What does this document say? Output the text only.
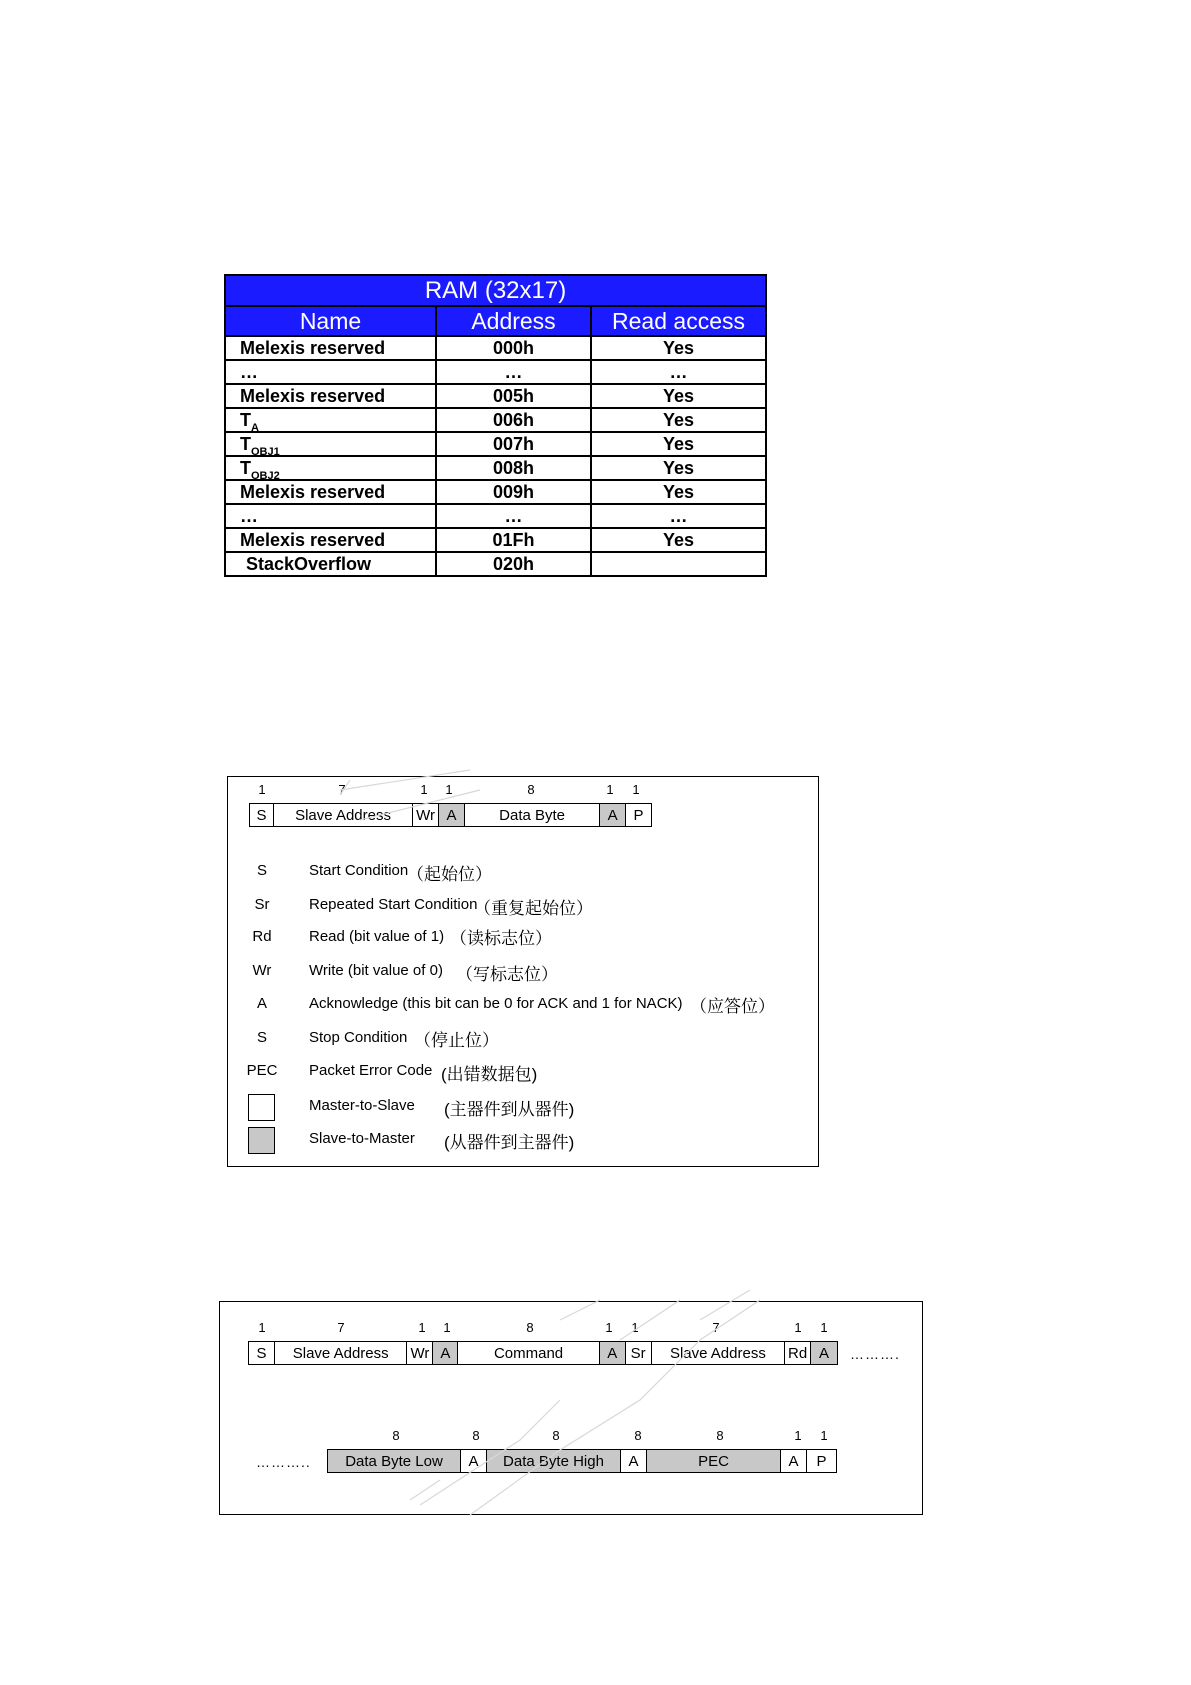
RAM (32x17)		
Name	Address	Read access
Melexis reserved	000h	Yes
…	…	…
Melexis reserved	005h	Yes
$T_A$	006h	Yes
$T_{OBJ1}$	007h	Yes
$T_{OBJ2}$	008h	Yes
Melexis reserved	009h	Yes
…	…	…
Melexis reserved	01Fh	Yes
StackOverflow	020h	
1	7	1	1	8	1	1
S	Slave Address	Wr A	Data Byte	A	P
S	Start Condition
（起始位）
Sr	Repeated Start Condition
（重复起始位）
Rd	Read (bit value of 1) （读标志位）
Wr	Write (bit value of 0) （写标志位）
A	Acknowledge (this bit can be 0 for ACK and 1 for NACK) （应答位）
S	Stop Condition （停止位）
PEC	Packet Error Code (出错数据包)
Master-to-Slave (主器件到从器件)
Slave-to-Master (从器件到主器件)
1	7	1	1	8	1	1	7	1	1
S	Slave Address	Wr A	Command	A Sr	Slave Address	Rd A	……….
8	8	8	8	8	1	1
………..	Data Byte Low	A	Data Byte High	A	PEC	A	P
